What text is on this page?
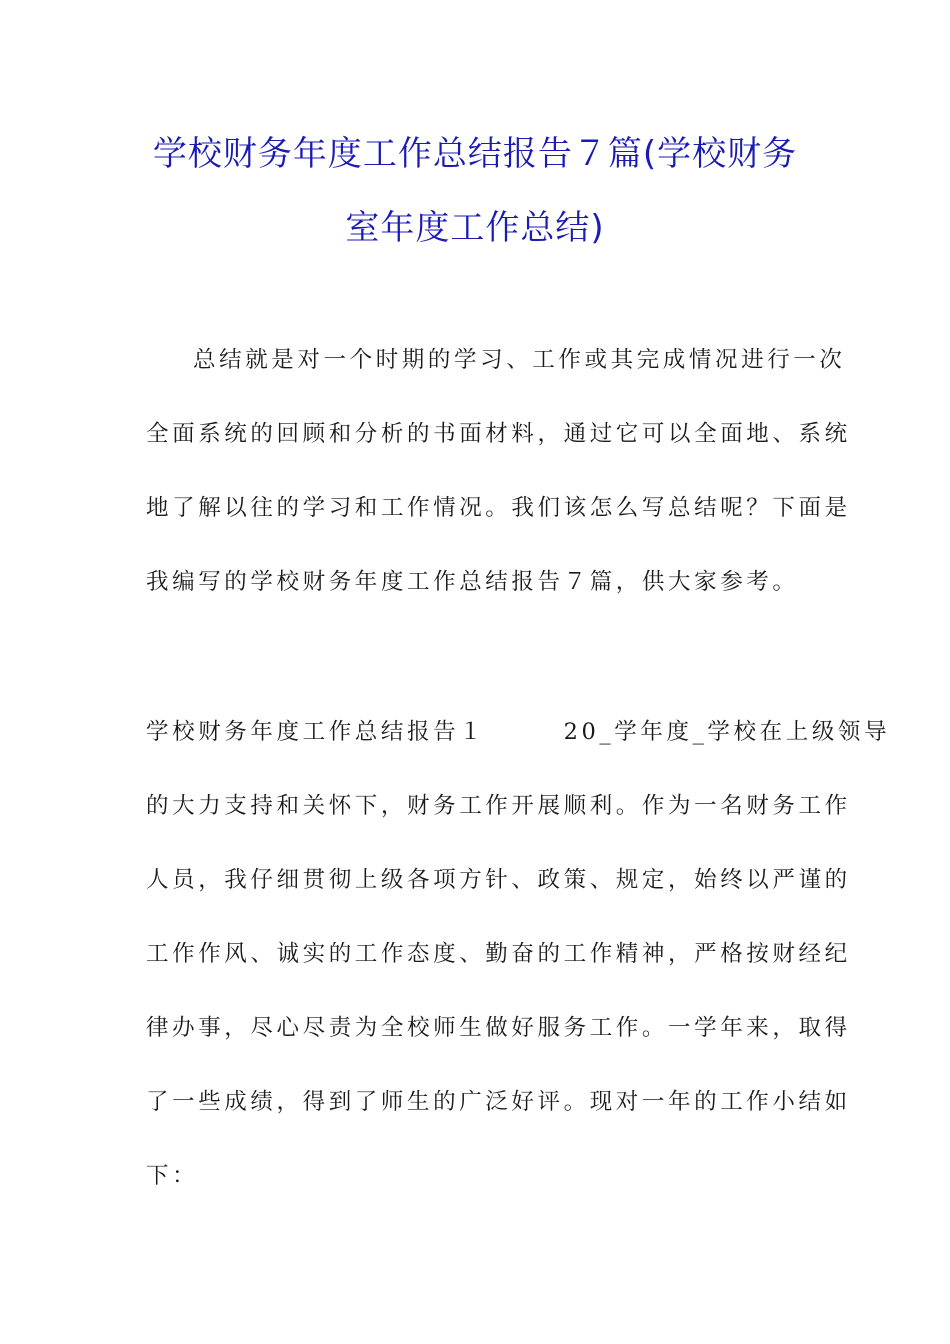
学校财务年度工作总结报告７篇(学校财务
室年度工作总结)
总结就是对一个时期的学习、工作或其完成情况进行一次
全面系统的回顾和分析的书面材料，通过它可以全面地、系统
地了解以往的学习和工作情况。我们该怎么写总结呢？下面是
我编写的学校财务年度工作总结报告７篇，供大家参考。
学校财务年度工作总结报告１　　　20_学年度_学校在上级领导
的大力支持和关怀下，财务工作开展顺利。作为一名财务工作
人员，我仔细贯彻上级各项方针、政策、规定，始终以严谨的
工作作风、诚实的工作态度、勤奋的工作精神，严格按财经纪
律办事，尽心尽责为全校师生做好服务工作。一学年来，取得
了一些成绩，得到了师生的广泛好评。现对一年的工作小结如
下：
